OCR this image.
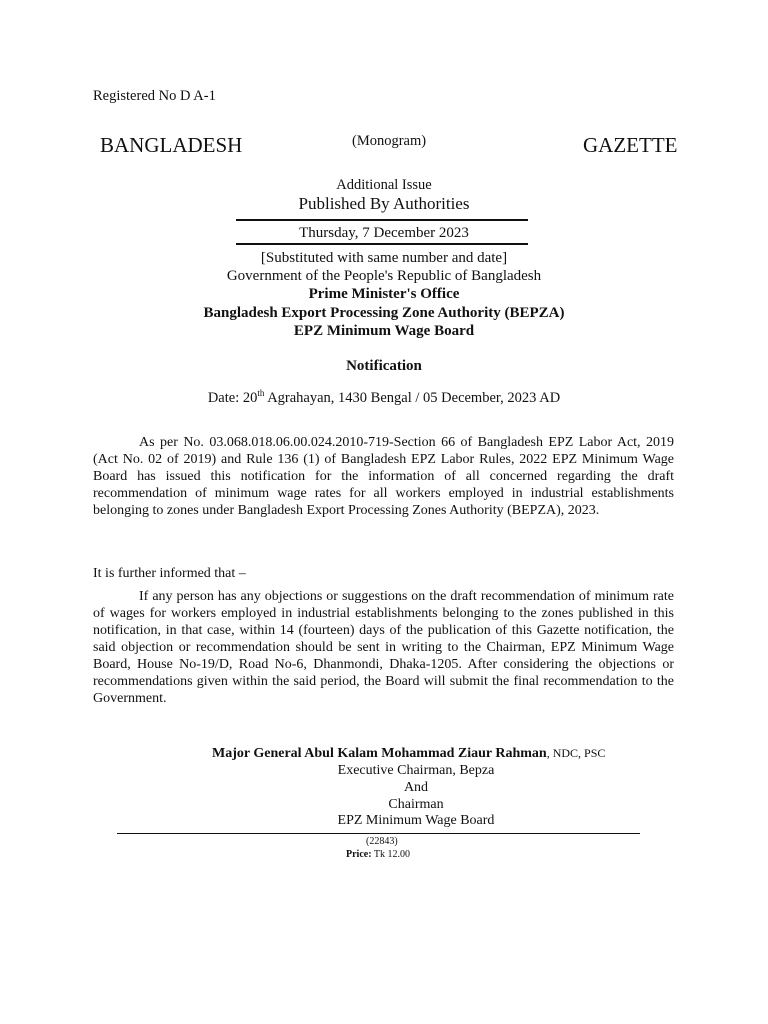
Registered No D A-1
BANGLADESH	(Monogram)	GAZETTE
Additional Issue
Published By Authorities
Thursday, 7 December 2023
[Substituted with same number and date]
Government of the People's Republic of Bangladesh
Prime Minister's Office
Bangladesh Export Processing Zone Authority (BEPZA)
EPZ Minimum Wage Board
Notification
Date: 20th Agrahayan, 1430 Bengal / 05 December, 2023 AD

As per No. 03.068.018.06.00.024.2010-719-Section 66 of Bangladesh EPZ Labor Act, 2019 (Act No. 02 of 2019) and Rule 136 (1) of Bangladesh EPZ Labor Rules, 2022 EPZ Minimum Wage Board has issued this notification for the information of all concerned regarding the draft recommendation of minimum wage rates for all workers employed in industrial establishments belonging to zones under Bangladesh Export Processing Zones Authority (BEPZA), 2023.

It is further informed that –

If any person has any objections or suggestions on the draft recommendation of minimum rate of wages for workers employed in industrial establishments belonging to the zones published in this notification, in that case, within 14 (fourteen) days of the publication of this Gazette notification, the said objection or recommendation should be sent in writing to the Chairman, EPZ Minimum Wage Board, House No-19/D, Road No-6, Dhanmondi, Dhaka-1205. After considering the objections or recommendations given within the said period, the Board will submit the final recommendation to the Government.

Major General Abul Kalam Mohammad Ziaur Rahman, NDC, PSC
Executive Chairman, Bepza
And
Chairman
EPZ Minimum Wage Board
(22843)
Price: Tk 12.00
